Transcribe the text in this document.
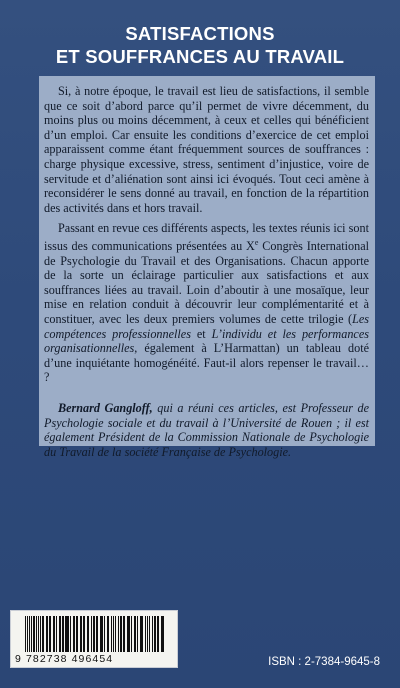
SATISFACTIONS
ET SOUFFRANCES AU TRAVAIL

Si, à notre époque, le travail est lieu de satisfactions, il semble que ce soit d’abord parce qu’il permet de vivre décemment, du moins plus ou moins décemment, à ceux et celles qui bénéficient d’un emploi. Car ensuite les conditions d’exercice de cet emploi apparaissent comme étant fréquemment sources de souffrances : charge physique excessive, stress, sentiment d’injustice, voire de servitude et d’aliénation sont ainsi ici évoqués. Tout ceci amène à reconsidérer le sens donné au travail, en fonction de la répartition des activités dans et hors travail.

Passant en revue ces différents aspects, les textes réunis ici sont issus des communications présentées au Xe Congrès International de Psychologie du Travail et des Organisations. Chacun apporte de la sorte un éclairage particulier aux satisfactions et aux souffrances liées au travail. Loin d’aboutir à une mosaïque, leur mise en relation conduit à découvrir leur complémentarité et à constituer, avec les deux premiers volumes de cette trilogie (Les compétences professionnelles et L’individu et les performances organisationnelles, également à L’Harmattan) un tableau doté d’une inquiétante homogénéité. Faut-il alors repenser le travail… ?

Bernard Gangloff, qui a réuni ces articles, est Professeur de Psychologie sociale et du travail à l’Université de Rouen ; il est également Président de la Commission Nationale de Psychologie du Travail de la société Française de Psychologie.

9 782738 496454	ISBN : 2-7384-9645-8
